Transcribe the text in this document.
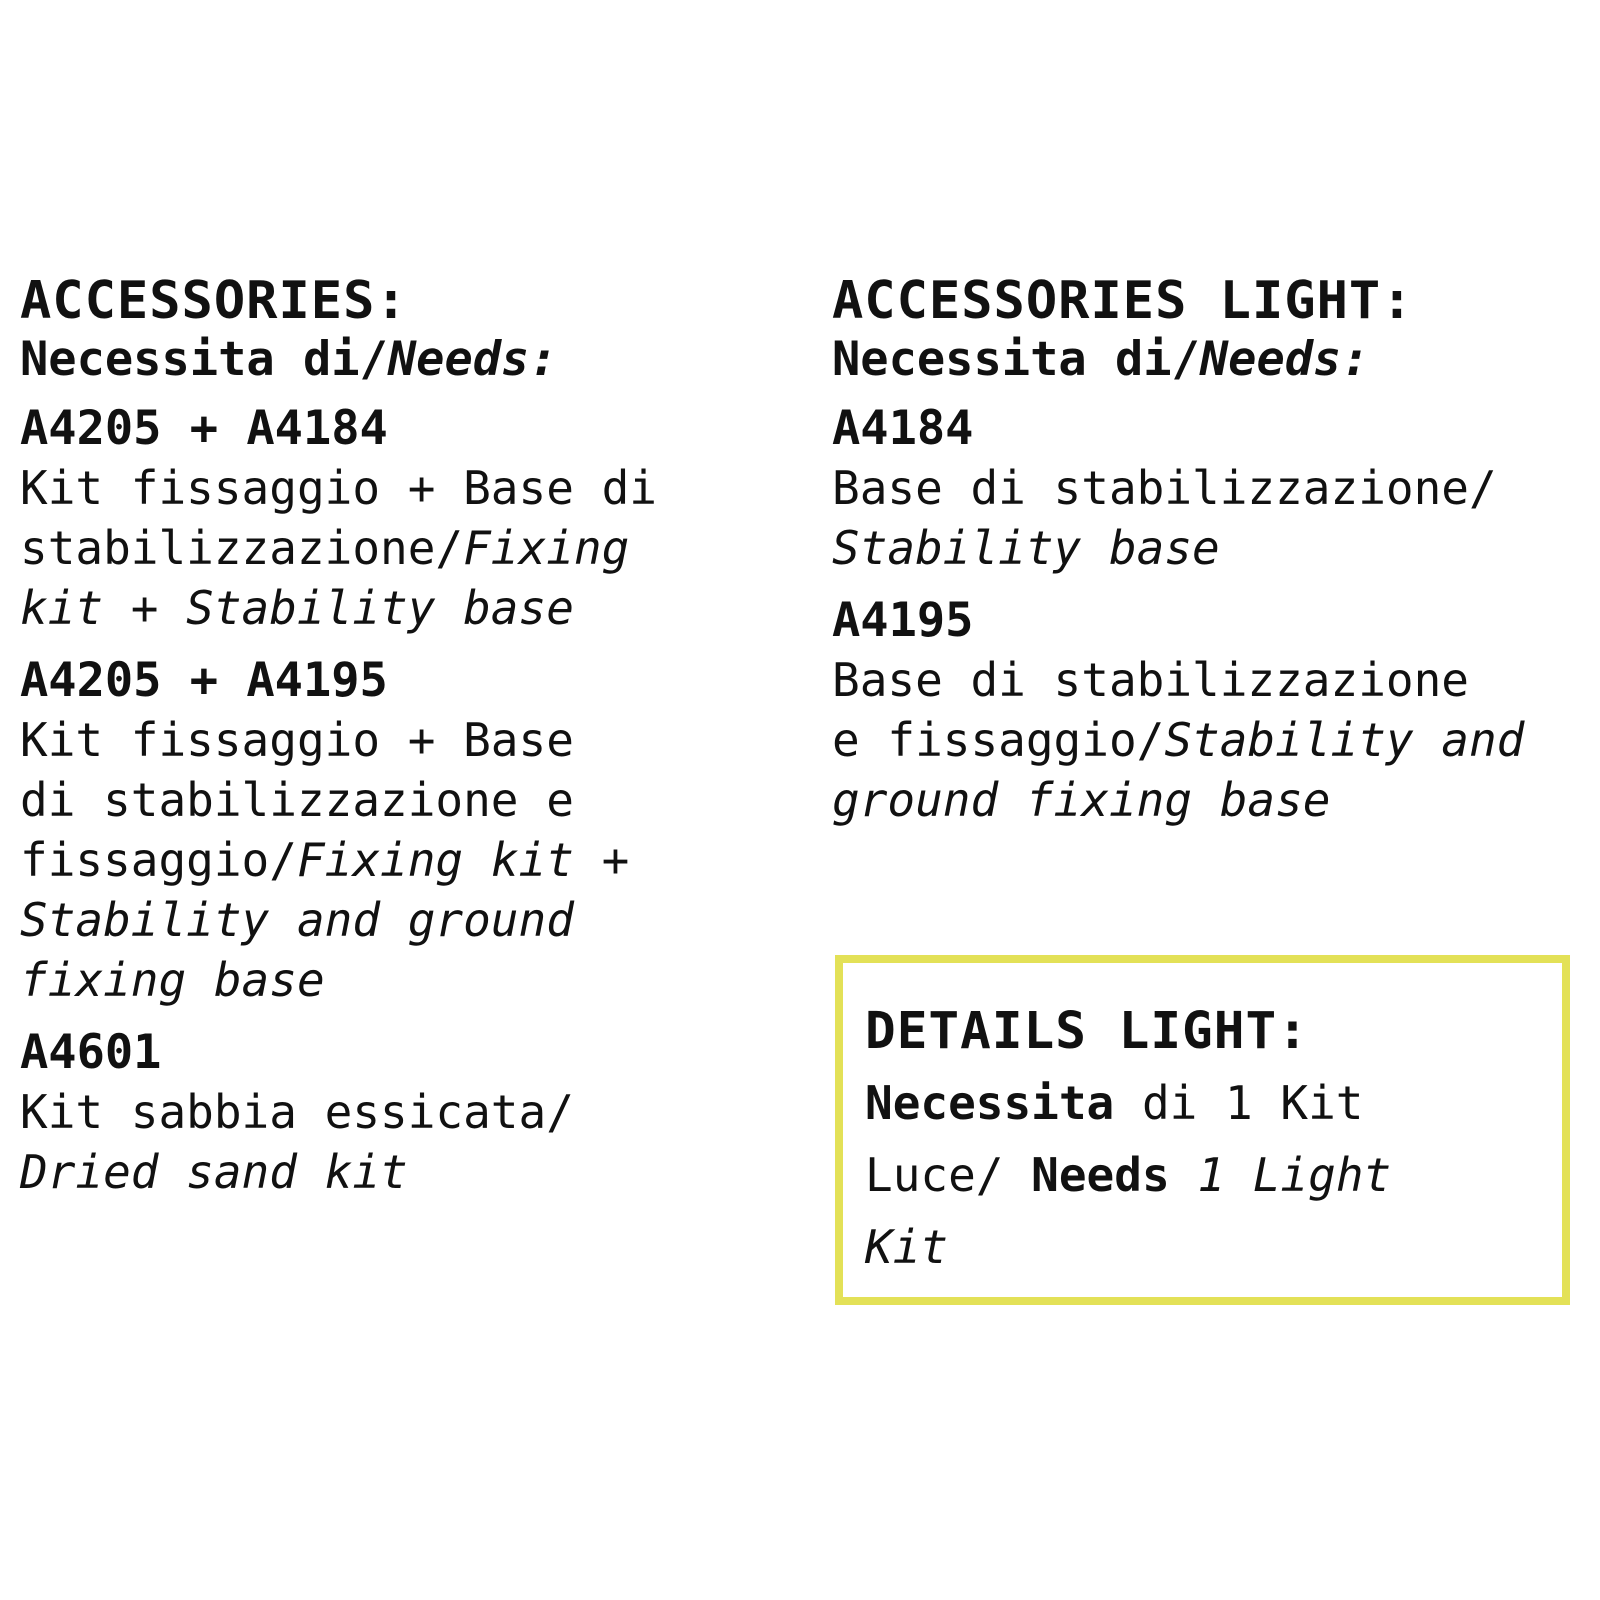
ACCESSORIES:
Necessita di/Needs:
A4205 + A4184
Kit fissaggio + Base di
stabilizzazione/Fixing
kit + Stability base
A4205 + A4195
Kit fissaggio + Base
di stabilizzazione e
fissaggio/Fixing kit +
Stability and ground
fixing base
A4601
Kit sabbia essicata/
Dried sand kit
ACCESSORIES LIGHT:
Necessita di/Needs:
A4184
Base di stabilizzazione/
Stability base
A4195
Base di stabilizzazione
e fissaggio/Stability and
ground fixing base
DETAILS LIGHT:
Necessita di 1 Kit
Luce/ Needs 1 Light
Kit
